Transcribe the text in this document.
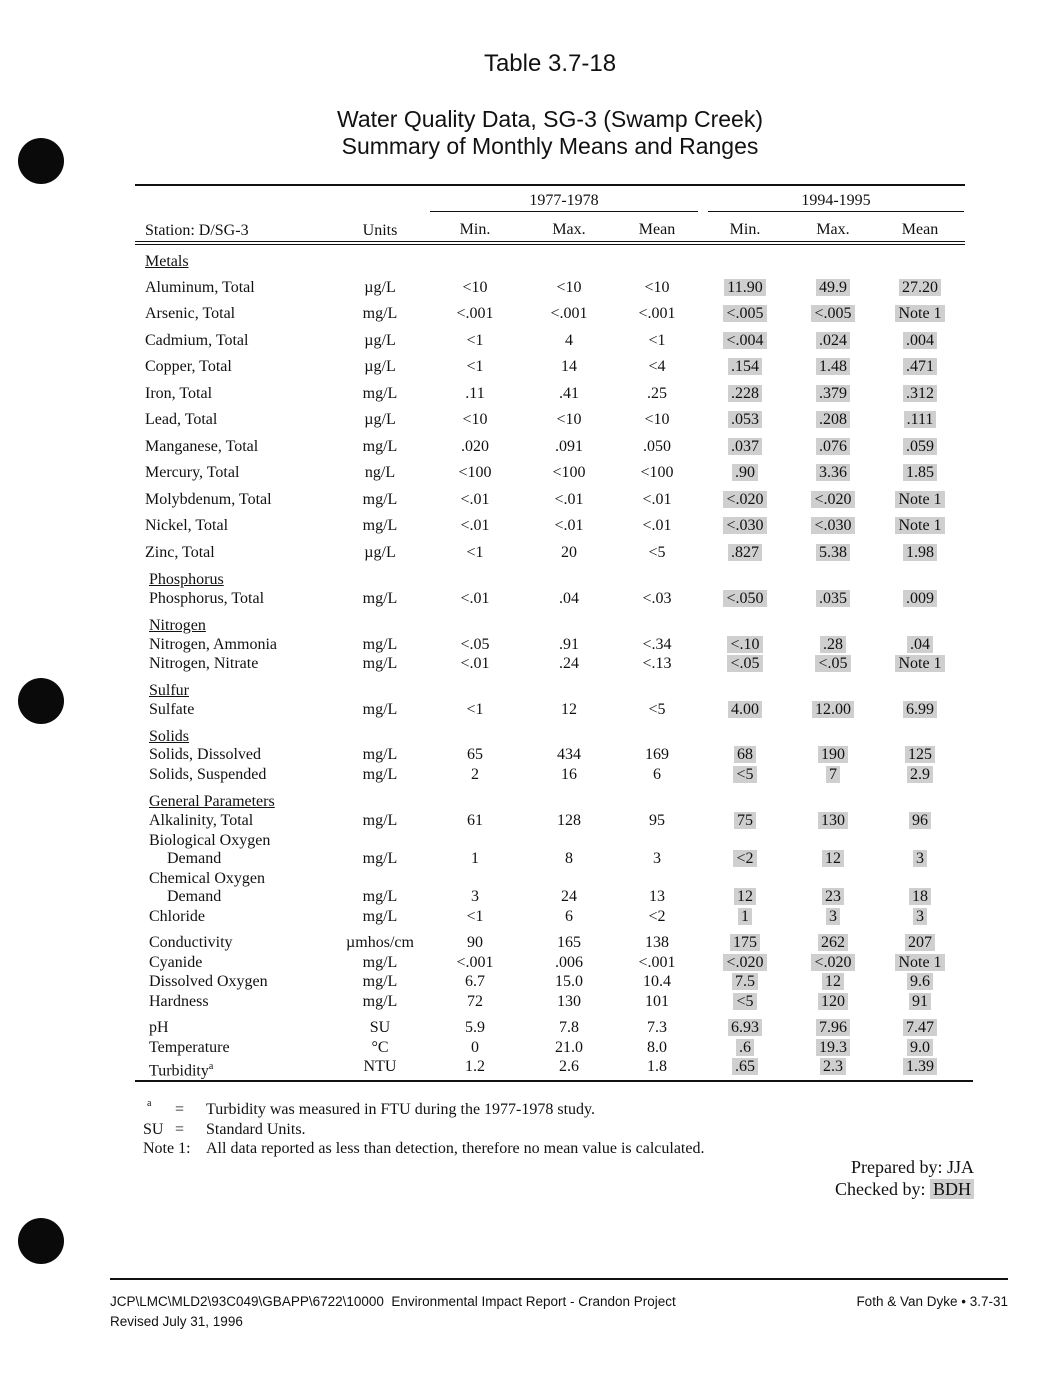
Table 3.7-18
Water Quality Data, SG-3 (Swamp Creek)
Summary of Monthly Means and Ranges
1977-1978	1994-1995
Station: D/SG-3	Units	Min.	Max.	Mean	Min.	Max.	Mean
Metals
Aluminum, Total	µg/L	<10	<10	<10	11.90	49.9	27.20
Arsenic, Total	mg/L	<.001	<.001	<.001	<.005	<.005	Note 1
Cadmium, Total	µg/L	<1	4	<1	<.004	.024	.004
Copper, Total	µg/L	<1	14	<4	.154	1.48	.471
Iron, Total	mg/L	.11	.41	.25	.228	.379	.312
Lead, Total	µg/L	<10	<10	<10	.053	.208	.111
Manganese, Total	mg/L	.020	.091	.050	.037	.076	.059
Mercury, Total	ng/L	<100	<100	<100	.90	3.36	1.85
Molybdenum, Total	mg/L	<.01	<.01	<.01	<.020	<.020	Note 1
Nickel, Total	mg/L	<.01	<.01	<.01	<.030	<.030	Note 1
Zinc, Total	µg/L	<1	20	<5	.827	5.38	1.98
Phosphorus
Phosphorus, Total	mg/L	<.01	.04	<.03	<.050	.035	.009
Nitrogen
Nitrogen, Ammonia	mg/L	<.05	.91	<.34	<.10	.28	.04
Nitrogen, Nitrate	mg/L	<.01	.24	<.13	<.05	<.05	Note 1
Sulfur
Sulfate	mg/L	<1	12	<5	4.00	12.00	6.99
Solids
Solids, Dissolved	mg/L	65	434	169	68	190	125
Solids, Suspended	mg/L	2	16	6	<5	7	2.9
General Parameters
Alkalinity, Total	mg/L	61	128	95	75	130	96
Biological Oxygen
Demand	mg/L	1	8	3	<2	12	3
Chemical Oxygen
Demand	mg/L	3	24	13	12	23	18
Chloride	mg/L	<1	6	<2	1	3	3
Conductivity	µmhos/cm	90	165	138	175	262	207
Cyanide	mg/L	<.001	.006	<.001	<.020	<.020	Note 1
Dissolved Oxygen	mg/L	6.7	15.0	10.4	7.5	12	9.6
Hardness	mg/L	72	130	101	<5	120	91
pH	SU	5.9	7.8	7.3	6.93	7.96	7.47
Temperature	°C	0	21.0	8.0	.6	19.3	9.0
Turbidity$^a$	NTU	1.2	2.6	1.8	.65	2.3	1.39
a = Turbidity was measured in FTU during the 1977-1978 study.
SU = Standard Units.
Note 1: All data reported as less than detection, therefore no mean value is calculated.
Prepared by: JJA
Checked by: BDH
JCP\LMC\MLD2\93C049\GBAPP\6722\10000 Environmental Impact Report - Crandon Project
Revised July 31, 1996
Foth & Van Dyke • 3.7-31
